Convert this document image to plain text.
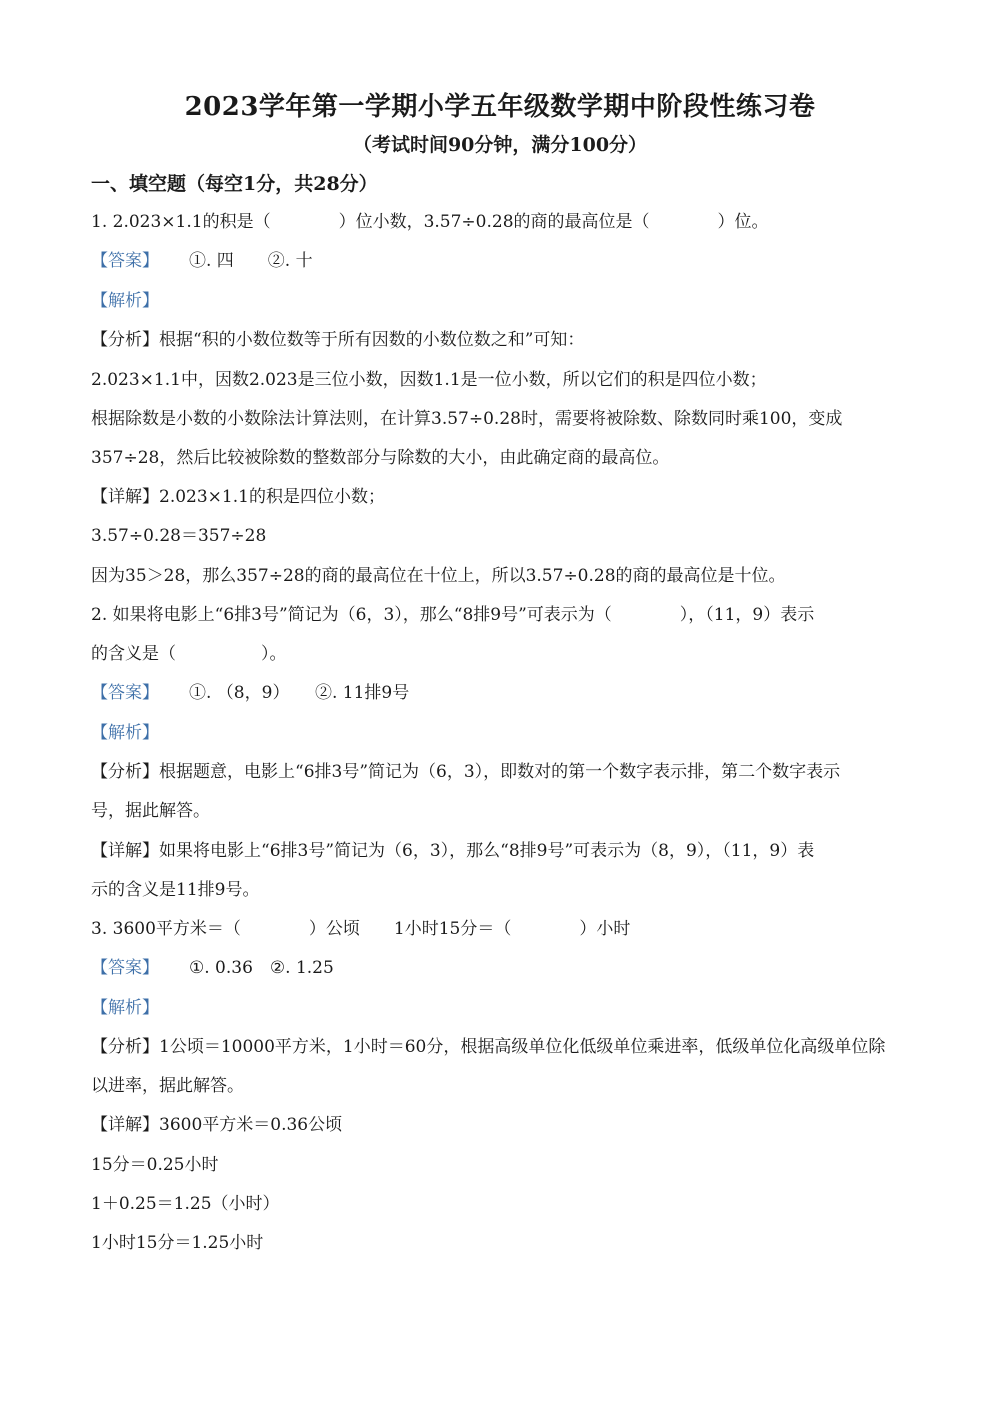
2023学年第一学期小学五年级数学期中阶段性练习卷
（考试时间90分钟，满分100分）
一、填空题（每空1分，共28分）
1. 2.023×1.1的积是（　　　　）位小数，3.57÷0.28的商的最高位是（　　　　）位。
【答案】 ①. 四　　②. 十
【解析】
【分析】根据“积的小数位数等于所有因数的小数位数之和”可知：
2.023×1.1中，因数2.023是三位小数，因数1.1是一位小数，所以它们的积是四位小数；
根据除数是小数的小数除法计算法则，在计算3.57÷0.28时，需要将被除数、除数同时乘100，变成
357÷28，然后比较被除数的整数部分与除数的大小，由此确定商的最高位。
【详解】2.023×1.1的积是四位小数；
3.57÷0.28＝357÷28
因为35＞28，那么357÷28的商的最高位在十位上，所以3.57÷0.28的商的最高位是十位。
2. 如果将电影上“6排3号”简记为（6，3），那么“8排9号”可表示为（　　　　），（11，9）表示
的含义是（　　　　　）。
【答案】 ①. （8，9）　　②. 11排9号
【解析】
【分析】根据题意，电影上“6排3号”简记为（6，3），即数对的第一个数字表示排，第二个数字表示
号，据此解答。
【详解】如果将电影上“6排3号”简记为（6，3），那么“8排9号”可表示为（8，9），（11，9）表
示的含义是11排9号。
3. 3600平方米＝（　　　　）公顷　　1小时15分＝（　　　　）小时
【答案】 ①. 0.36　②. 1.25
【解析】
【分析】1公顷＝10000平方米，1小时＝60分，根据高级单位化低级单位乘进率，低级单位化高级单位除
以进率，据此解答。
【详解】3600平方米＝0.36公顷
15分＝0.25小时
1＋0.25＝1.25（小时）
1小时15分＝1.25小时
